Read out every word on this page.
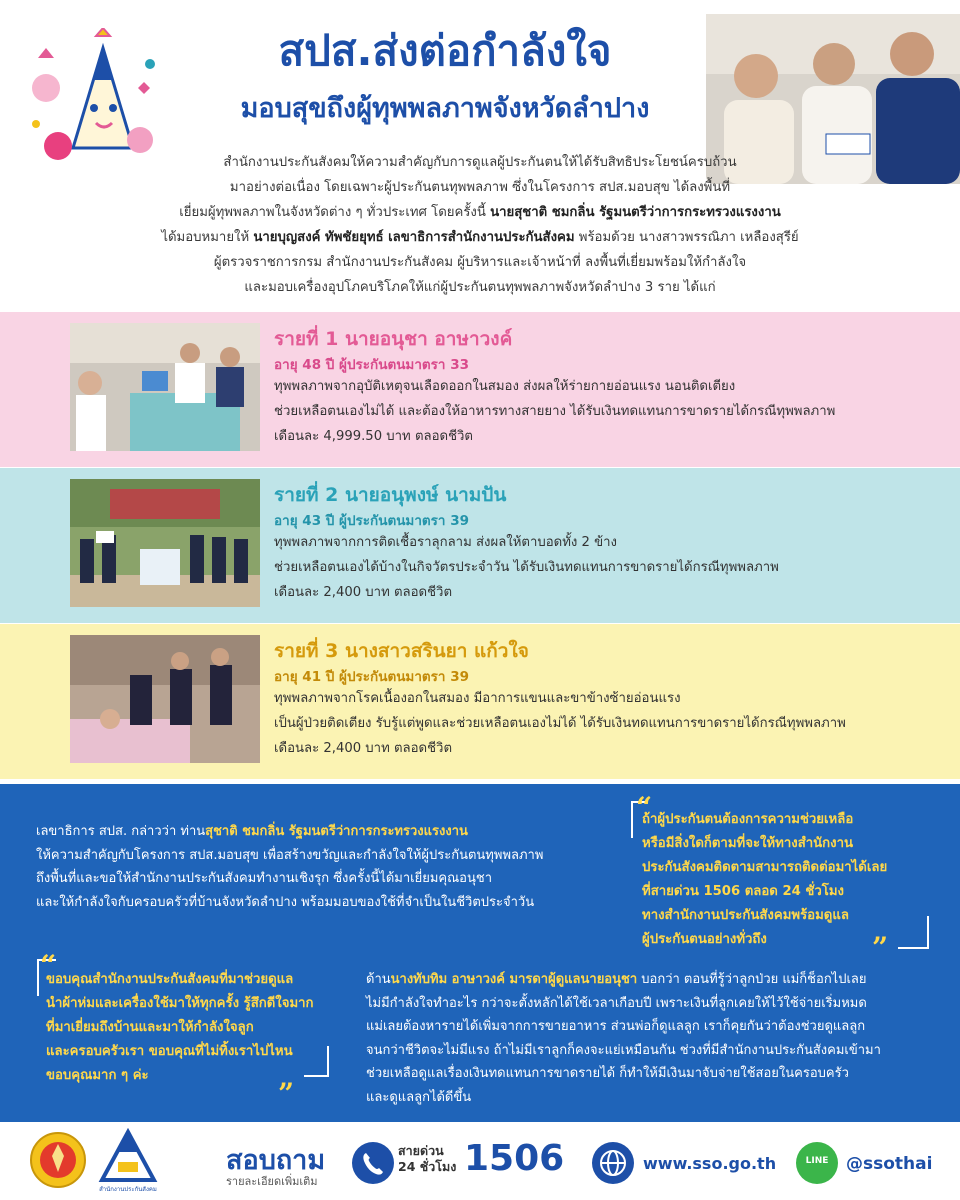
สปส.ส่งต่อกำลังใจ
มอบสุขถึงผู้ทุพพลภาพจังหวัดลำปาง
สำนักงานประกันสังคมให้ความสำคัญกับการดูแลผู้ประกันตนให้ได้รับสิทธิประโยชน์ครบถ้วน
มาอย่างต่อเนื่อง โดยเฉพาะผู้ประกันตนทุพพลภาพ ซึ่งในโครงการ สปส.มอบสุข ได้ลงพื้นที่
เยี่ยมผู้ทุพพลภาพในจังหวัดต่าง ๆ ทั่วประเทศ โดยครั้งนี้ นายสุชาติ ชมกลิ่น รัฐมนตรีว่าการกระทรวงแรงงาน
ได้มอบหมายให้ นายบุญสงค์ ทัพชัยยุทธ์ เลขาธิการสำนักงานประกันสังคม พร้อมด้วย นางสาวพรรณิภา เหลืองสุรีย์
ผู้ตรวจราชการกรม สำนักงานประกันสังคม ผู้บริหารและเจ้าหน้าที่ ลงพื้นที่เยี่ยมพร้อมให้กำลังใจ
และมอบเครื่องอุปโภคบริโภคให้แก่ผู้ประกันตนทุพพลภาพจังหวัดลำปาง 3 ราย ได้แก่
รายที่ 1 นายอนุชา อาษาวงค์
อายุ 48 ปี ผู้ประกันตนมาตรา 33
ทุพพลภาพจากอุบัติเหตุจนเลือดออกในสมอง ส่งผลให้ร่ายกายอ่อนแรง นอนติดเตียง
ช่วยเหลือตนเองไม่ได้ และต้องให้อาหารทางสายยาง ได้รับเงินทดแทนการขาดรายได้กรณีทุพพลภาพ
เดือนละ 4,999.50 บาท ตลอดชีวิต
รายที่ 2 นายอนุพงษ์ นามปัน
อายุ 43 ปี ผู้ประกันตนมาตรา 39
ทุพพลภาพจากการติดเชื้อราลุกลาม ส่งผลให้ตาบอดทั้ง 2 ข้าง
ช่วยเหลือตนเองได้บ้างในกิจวัตรประจำวัน ได้รับเงินทดแทนการขาดรายได้กรณีทุพพลภาพ
เดือนละ 2,400 บาท ตลอดชีวิต
รายที่ 3 นางสาวสรินยา แก้วใจ
อายุ 41 ปี ผู้ประกันตนมาตรา 39
ทุพพลภาพจากโรคเนื้องอกในสมอง มีอาการแขนและขาข้างซ้ายอ่อนแรง
เป็นผู้ป่วยติดเตียง รับรู้แต่พูดและช่วยเหลือตนเองไม่ได้ ได้รับเงินทดแทนการขาดรายได้กรณีทุพพลภาพ
เดือนละ 2,400 บาท ตลอดชีวิต
เลขาธิการ สปส. กล่าวว่า ท่านสุชาติ ชมกลิ่น รัฐมนตรีว่าการกระทรวงแรงงาน
ให้ความสำคัญกับโครงการ สปส.มอบสุข เพื่อสร้างขวัญและกำลังใจให้ผู้ประกันตนทุพพลภาพ
ถึงพื้นที่และขอให้สำนักงานประกันสังคมทำงานเชิงรุก ซึ่งครั้งนี้ได้มาเยี่ยมคุณอนุชา
และให้กำลังใจกับครอบครัวที่บ้านจังหวัดลำปาง พร้อมมอบของใช้ที่จำเป็นในชีวิตประจำวัน
“
ถ้าผู้ประกันตนต้องการความช่วยเหลือ
หรือมีสิ่งใดก็ตามที่จะให้ทางสำนักงาน
ประกันสังคมติดตามสามารถติดต่อมาได้เลย
ที่สายด่วน 1506 ตลอด 24 ชั่วโมง
ทางสำนักงานประกันสังคมพร้อมดูแล
ผู้ประกันตนอย่างทั่วถึง	”
“
ขอบคุณสำนักงานประกันสังคมที่มาช่วยดูแล
นำผ้าห่มและเครื่องใช้มาให้ทุกครั้ง รู้สึกดีใจมาก
ที่มาเยี่ยมถึงบ้านและมาให้กำลังใจลูก
และครอบครัวเรา ขอบคุณที่ไม่ทิ้งเราไปไหน
ขอบคุณมาก ๆ ค่ะ
”
ด้านนางทับทิม อาษาวงค์ มารดาผู้ดูแลนายอนุชา บอกว่า ตอนที่รู้ว่าลูกป่วย แม่ก็ช็อกไปเลย
ไม่มีกำลังใจทำอะไร กว่าจะตั้งหลักได้ใช้เวลาเกือบปี เพราะเงินที่ลูกเคยให้ไว้ใช้จ่ายเริ่มหมด
แม่เลยต้องหารายได้เพิ่มจากการขายอาหาร ส่วนพ่อก็ดูแลลูก เราก็คุยกันว่าต้องช่วยดูแลลูก
จนกว่าชีวิตจะไม่มีแรง ถ้าไม่มีเราลูกก็คงจะแย่เหมือนกัน ช่วงที่มีสำนักงานประกันสังคมเข้ามา
ช่วยเหลือดูแลเรื่องเงินทดแทนการขาดรายได้ ก็ทำให้มีเงินมาจับจ่ายใช้สอยในครอบครัว
และดูแลลูกได้ดีขึ้น
สำนักงานประกันสังคม
สอบถาม
รายละเอียดเพิ่มเติม
สายด่วน
24 ชั่วโมง 1506	www.sso.go.th	LINE	@ssothai
